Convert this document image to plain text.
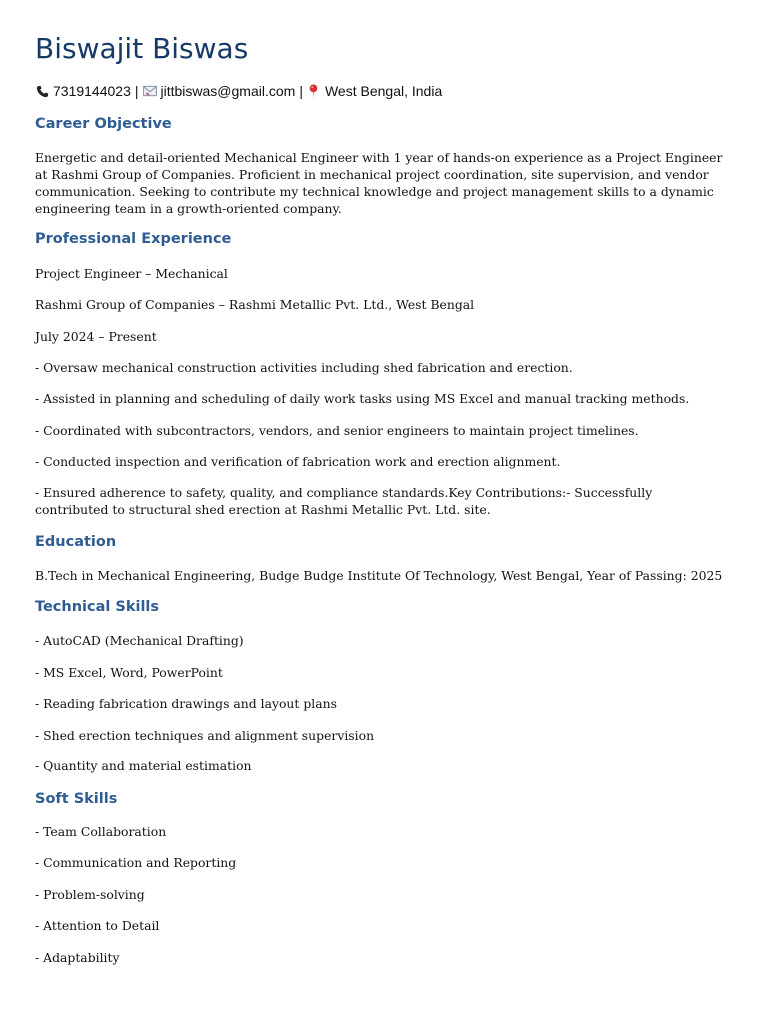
Biswajit Biswas
7319144023 | jittbiswas@gmail.com | West Bengal, India
Career Objective

Energetic and detail-oriented Mechanical Engineer with 1 year of hands-on experience as a Project Engineer at Rashmi Group of Companies. Proficient in mechanical project coordination, site supervision, and vendor communication. Seeking to contribute my technical knowledge and project management skills to a dynamic engineering team in a growth-oriented company.

Professional Experience

Project Engineer – Mechanical

Rashmi Group of Companies – Rashmi Metallic Pvt. Ltd., West Bengal

July 2024 – Present

- Oversaw mechanical construction activities including shed fabrication and erection.

- Assisted in planning and scheduling of daily work tasks using MS Excel and manual tracking methods.

- Coordinated with subcontractors, vendors, and senior engineers to maintain project timelines.

- Conducted inspection and verification of fabrication work and erection alignment.

- Ensured adherence to safety, quality, and compliance standards.Key Contributions:- Successfully contributed to structural shed erection at Rashmi Metallic Pvt. Ltd. site.

Education

B.Tech in Mechanical Engineering, Budge Budge Institute Of Technology, West Bengal, Year of Passing: 2025

Technical Skills

- AutoCAD (Mechanical Drafting)

- MS Excel, Word, PowerPoint

- Reading fabrication drawings and layout plans

- Shed erection techniques and alignment supervision

- Quantity and material estimation

Soft Skills

- Team Collaboration

- Communication and Reporting

- Problem-solving

- Attention to Detail

- Adaptability
